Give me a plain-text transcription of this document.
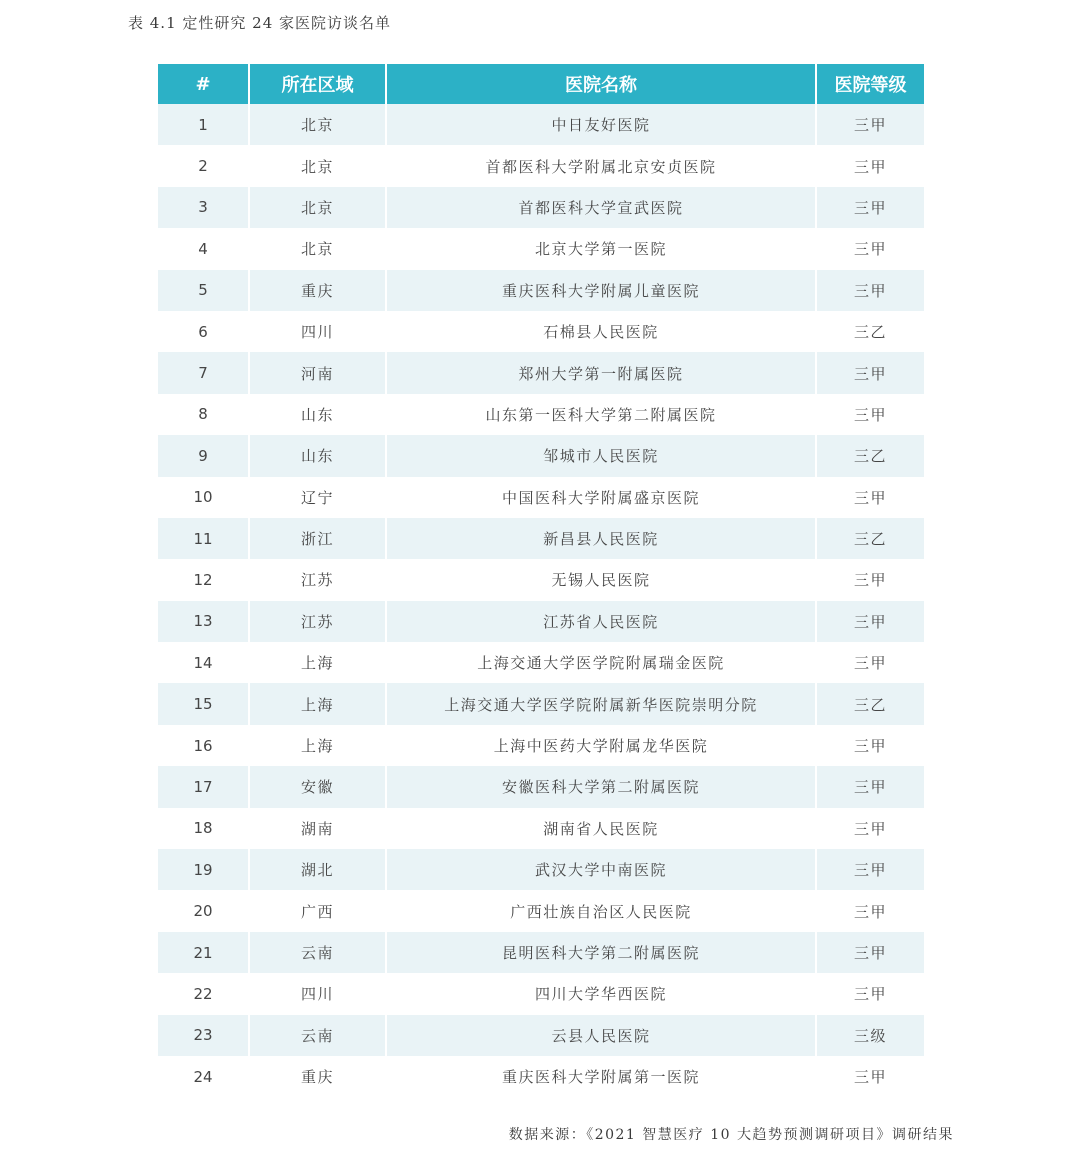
表 4.1 定性研究 24 家医院访谈名单
#	所在区域	医院名称	医院等级
1	北京	中日友好医院	三甲
2	北京	首都医科大学附属北京安贞医院	三甲
3	北京	首都医科大学宣武医院	三甲
4	北京	北京大学第一医院	三甲
5	重庆	重庆医科大学附属儿童医院	三甲
6	四川	石棉县人民医院	三乙
7	河南	郑州大学第一附属医院	三甲
8	山东	山东第一医科大学第二附属医院	三甲
9	山东	邹城市人民医院	三乙
10	辽宁	中国医科大学附属盛京医院	三甲
11	浙江	新昌县人民医院	三乙
12	江苏	无锡人民医院	三甲
13	江苏	江苏省人民医院	三甲
14	上海	上海交通大学医学院附属瑞金医院	三甲
15	上海	上海交通大学医学院附属新华医院崇明分院	三乙
16	上海	上海中医药大学附属龙华医院	三甲
17	安徽	安徽医科大学第二附属医院	三甲
18	湖南	湖南省人民医院	三甲
19	湖北	武汉大学中南医院	三甲
20	广西	广西壮族自治区人民医院	三甲
21	云南	昆明医科大学第二附属医院	三甲
22	四川	四川大学华西医院	三甲
23	云南	云县人民医院	三级
24	重庆	重庆医科大学附属第一医院	三甲
数据来源：《2021 智慧医疗 10 大趋势预测调研项目》调研结果
